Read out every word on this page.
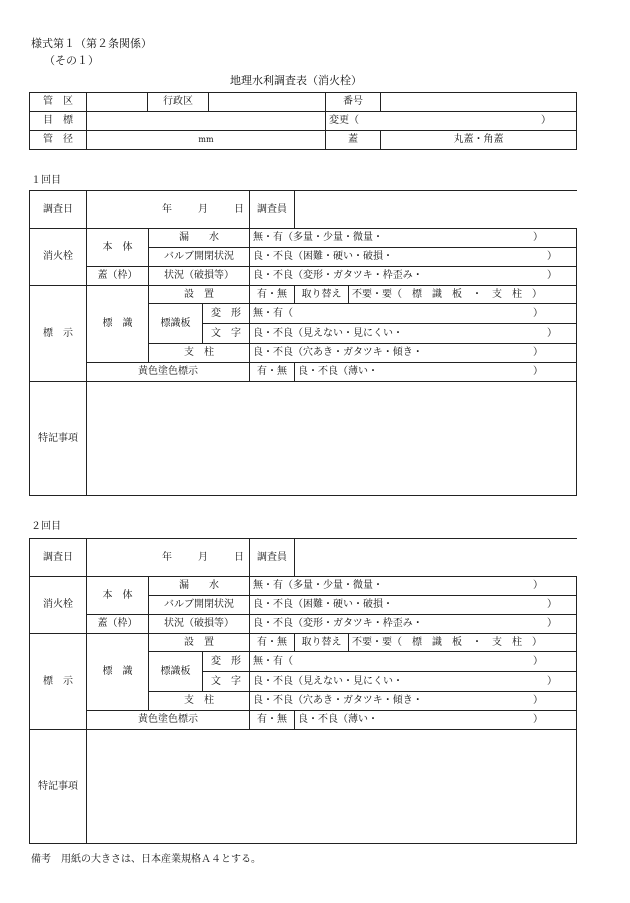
様式第１（第２条関係）
（その１）
地理水利調査表（消火栓）
管　区		行政区		番号	
目　標				変更（ ）	

管　径	mm			蓋	丸蓋・角蓋
１回目
調査日	年 月 日			調査員		
消火栓	本　体	漏　　水		無・有（多量・少量・微量・ ）		

		バルブ開閉状況		良・不良（困難・硬い・破損・ ）		

	蓋（枠）	状況（破損等）		良・不良（変形・ガタツキ・枠歪み・ ）		

標　示	標　識	設　置		有・無	取り替え	不要・要（　標　識　板　・　支　柱　）
		標識板	変　形	無・有（ ）		

			文　字	良・不良（見えない・見にくい・ ）		

		支　柱		良・不良（穴あき・ガタツキ・傾き・ ）		

	黄色塗色標示			有・無	良・不良（薄い・ ）	

特記事項						
２回目
調査日	年 月 日			調査員		
消火栓	本　体	漏　　水		無・有（多量・少量・微量・ ）		

		バルブ開閉状況		良・不良（困難・硬い・破損・ ）		

	蓋（枠）	状況（破損等）		良・不良（変形・ガタツキ・枠歪み・ ）		

標　示	標　識	設　置		有・無	取り替え	不要・要（　標　識　板　・　支　柱　）
		標識板	変　形	無・有（ ）		

			文　字	良・不良（見えない・見にくい・ ）		

		支　柱		良・不良（穴あき・ガタツキ・傾き・ ）		

	黄色塗色標示			有・無	良・不良（薄い・ ）	

特記事項						
備考　用紙の大きさは、日本産業規格Ａ４とする。
